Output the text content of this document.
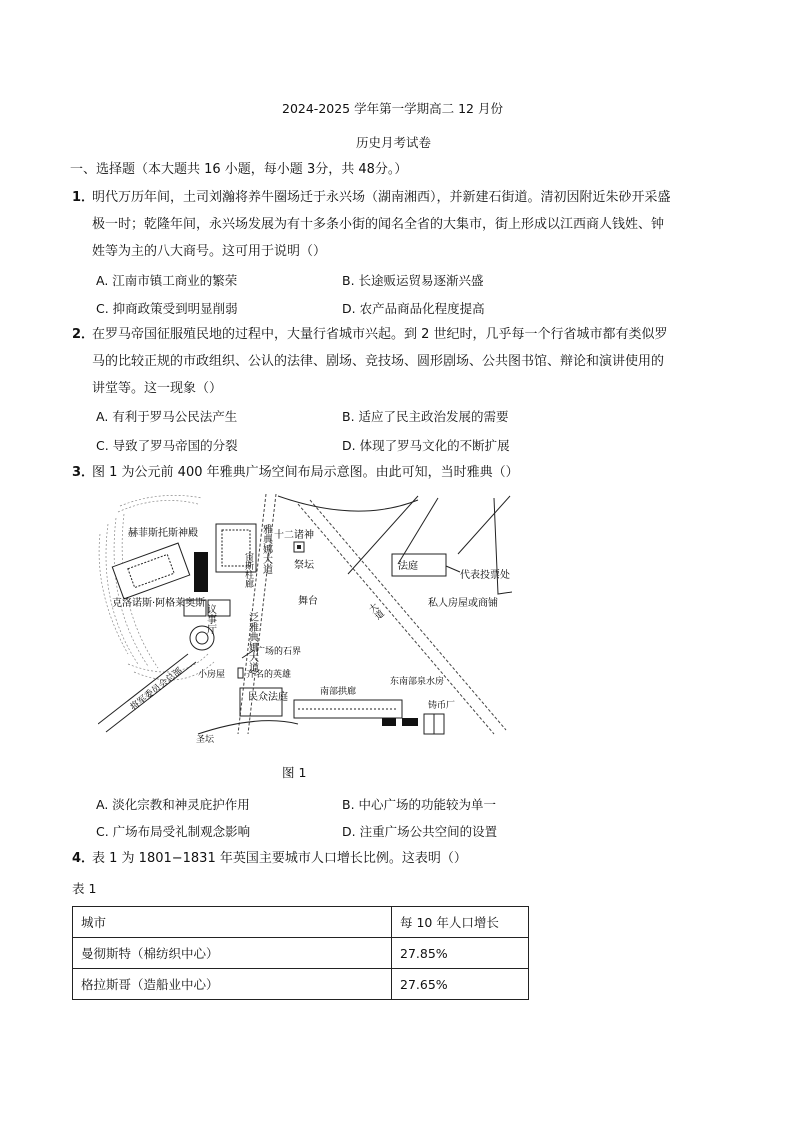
2024-2025 学年第一学期高二 12 月份
历史月考试卷
一、选择题（本大题共 16 小题，每小题 3分，共 48分。）
1．
明代万历年间，土司刘瀚将养牛圈场迁于永兴场（湖南湘西），并新建石街道。清初因附近朱砂开采盛
极一时；乾隆年间，永兴场发展为有十多条小街的闻名全省的大集市，街上形成以江西商人钱姓、钟
姓等为主的八大商号。这可用于说明（）
A. 江南市镇工商业的繁荣	B. 长途贩运贸易逐渐兴盛
C. 抑商政策受到明显削弱	D. 农产品商品化程度提高
2．
在罗马帝国征服殖民地的过程中，大量行省城市兴起。到 2 世纪时，几乎每一个行省城市都有类似罗
马的比较正规的市政组织、公认的法律、剧场、竞技场、圆形剧场、公共图书馆、辩论和演讲使用的
讲堂等。这一现象（）
A. 有利于罗马公民法产生	B. 适应了民主政治发展的需要
C. 导致了罗马帝国的分裂	D. 体现了罗马文化的不断扩展
3．
图 1 为公元前 400 年雅典广场空间布局示意图。由此可知，当时雅典（）
赫菲斯托斯神殿
克洛诺斯·阿格莱奥斯
雅典娜大道
议事厅
宙斯柱廊
十二诸神
祭坛
泛雅典娜大道
法庭
代表投票处
私人房屋或商铺
舞台
大道
广场的石界
齐名的英雄
小房屋
民众法庭	南部拱廊
东南部泉水房
铸币厂
将军委员会总部
圣坛
图 1
A. 淡化宗教和神灵庇护作用	B. 中心广场的功能较为单一
C. 广场布局受礼制观念影响	D. 注重广场公共空间的设置
4．
表 1 为 1801−1831 年英国主要城市人口增长比例。这表明（）
表 1
城市	每 10 年人口增长
曼彻斯特（棉纺织中心）	27.85%
格拉斯哥（造船业中心）	27.65%
